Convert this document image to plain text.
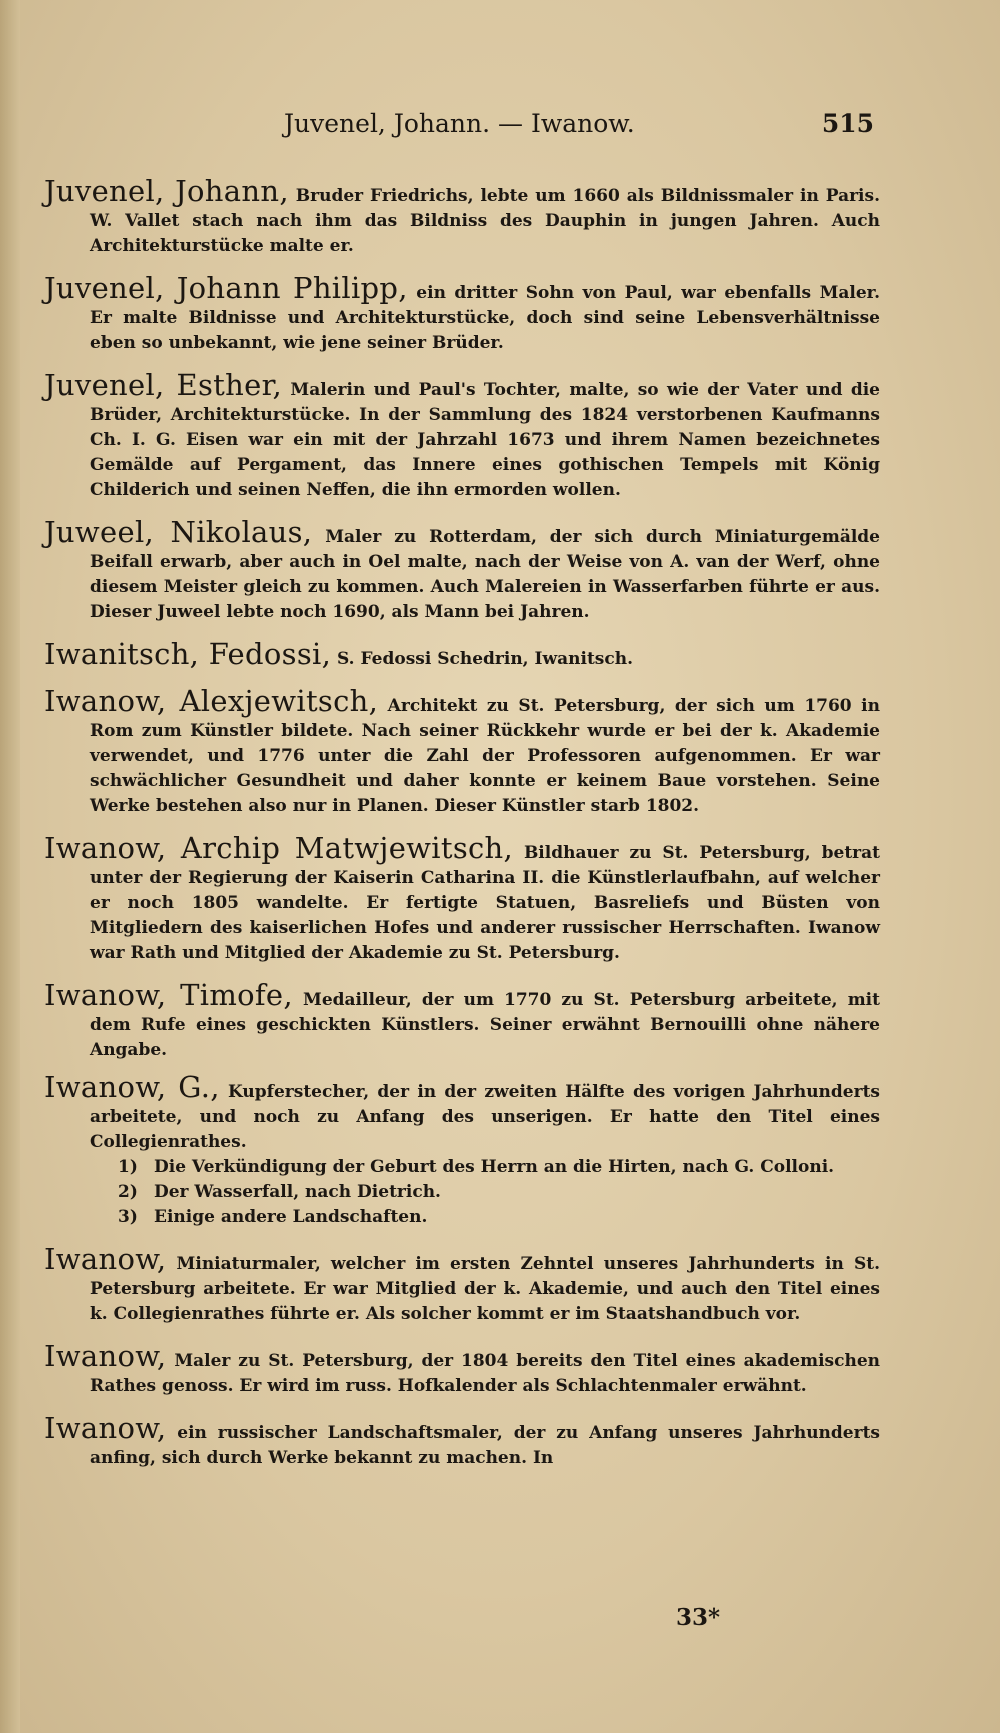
Juvenel, Johann. — Iwanow.	515

Juvenel, Johann, Bruder Friedrichs, lebte um 1660 als Bildnissmaler in Paris. W. Vallet stach nach ihm das Bildniss des Dauphin in jungen Jahren. Auch Architekturstücke malte er.

Juvenel, Johann Philipp, ein dritter Sohn von Paul, war ebenfalls Maler. Er malte Bildnisse und Architekturstücke, doch sind seine Lebensverhältnisse eben so unbekannt, wie jene seiner Brüder.

Juvenel, Esther, Malerin und Paul's Tochter, malte, so wie der Vater und die Brüder, Architekturstücke. In der Sammlung des 1824 verstorbenen Kaufmanns Ch. I. G. Eisen war ein mit der Jahrzahl 1673 und ihrem Namen bezeichnetes Gemälde auf Pergament, das Innere eines gothischen Tempels mit König Childerich und seinen Neffen, die ihn ermorden wollen.

Juweel, Nikolaus, Maler zu Rotterdam, der sich durch Miniaturgemälde Beifall erwarb, aber auch in Oel malte, nach der Weise von A. van der Werf, ohne diesem Meister gleich zu kommen. Auch Malereien in Wasserfarben führte er aus. Dieser Juweel lebte noch 1690, als Mann bei Jahren.

Iwanitsch, Fedossi, S. Fedossi Schedrin, Iwanitsch.

Iwanow, Alexjewitsch, Architekt zu St. Petersburg, der sich um 1760 in Rom zum Künstler bildete. Nach seiner Rückkehr wurde er bei der k. Akademie verwendet, und 1776 unter die Zahl der Professoren aufgenommen. Er war schwächlicher Gesundheit und daher konnte er keinem Baue vorstehen. Seine Werke bestehen also nur in Planen. Dieser Künstler starb 1802.

Iwanow, Archip Matwjewitsch, Bildhauer zu St. Petersburg, betrat unter der Regierung der Kaiserin Catharina II. die Künstlerlaufbahn, auf welcher er noch 1805 wandelte. Er fertigte Statuen, Basreliefs und Büsten von Mitgliedern des kaiserlichen Hofes und anderer russischer Herrschaften. Iwanow war Rath und Mitglied der Akademie zu St. Petersburg.

Iwanow, Timofe, Medailleur, der um 1770 zu St. Petersburg arbeitete, mit dem Rufe eines geschickten Künstlers. Seiner erwähnt Bernouilli ohne nähere Angabe.

Iwanow, G., Kupferstecher, der in der zweiten Hälfte des vorigen Jahrhunderts arbeitete, und noch zu Anfang des unserigen. Er hatte den Titel eines Collegienrathes.
1) Die Verkündigung der Geburt des Herrn an die Hirten, nach G. Colloni.
2) Der Wasserfall, nach Dietrich.
3) Einige andere Landschaften.

Iwanow, Miniaturmaler, welcher im ersten Zehntel unseres Jahrhunderts in St. Petersburg arbeitete. Er war Mitglied der k. Akademie, und auch den Titel eines k. Collegienrathes führte er. Als solcher kommt er im Staatshandbuch vor.

Iwanow, Maler zu St. Petersburg, der 1804 bereits den Titel eines akademischen Rathes genoss. Er wird im russ. Hofkalender als Schlachtenmaler erwähnt.

Iwanow, ein russischer Landschaftsmaler, der zu Anfang unseres Jahrhunderts anfing, sich durch Werke bekannt zu machen. In

33*
